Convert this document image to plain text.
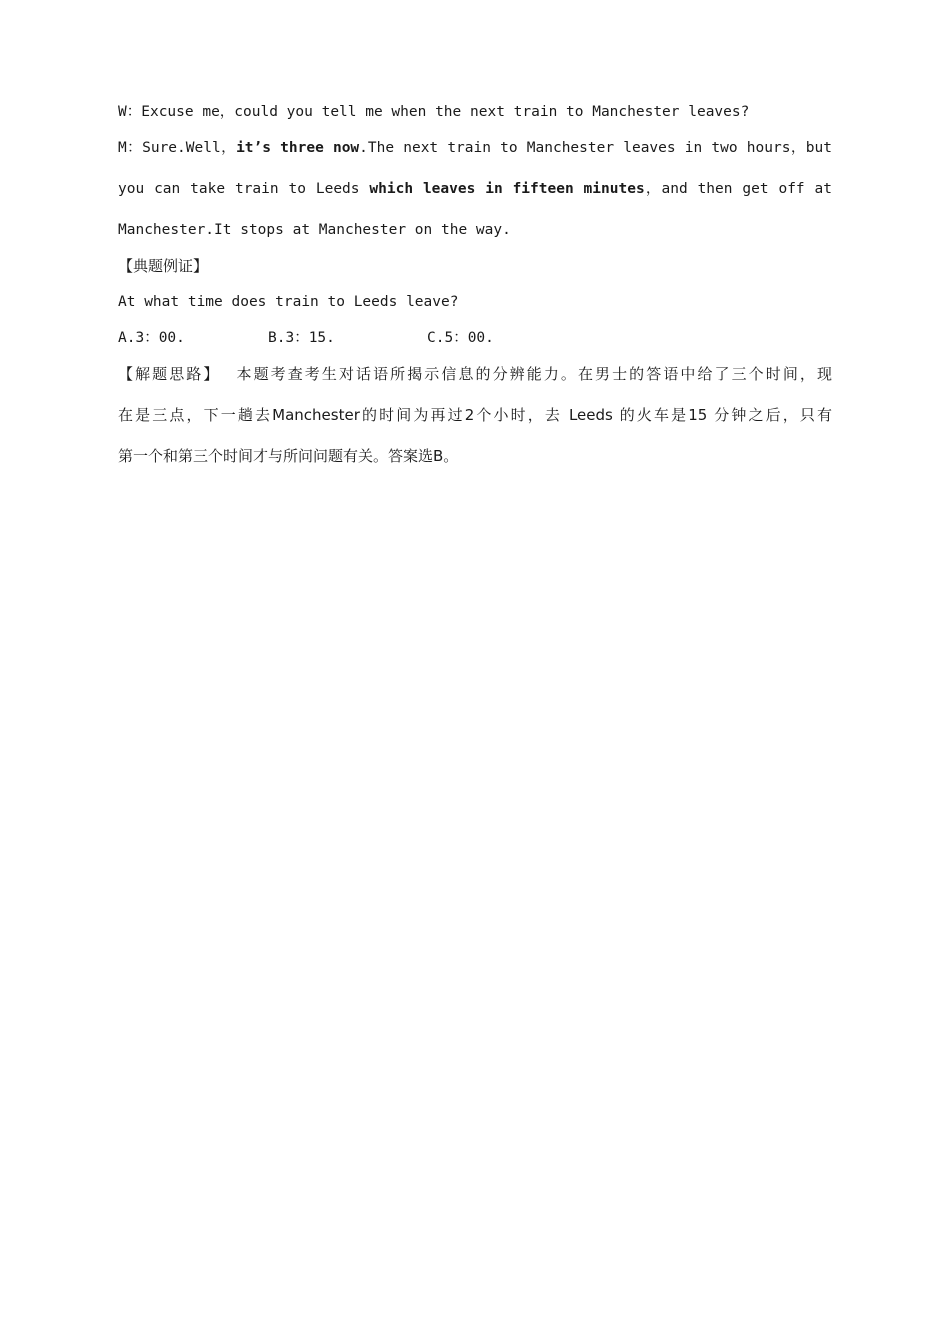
W：Excuse me，could you tell me when the next train to Manchester leaves?
M：Sure.Well，it’s three now.The next train to Manchester leaves in two hours，but
you can take train to Leeds which leaves in fifteen minutes，and then get off at
Manchester.It stops at Manchester on the way.
【典题例证】
At what time does train to Leeds leave?
A.3：00.	B.3：15.	C.5：00.
【解题思路】 本题考查考生对话语所揭示信息的分辨能力。在男士的答语中给了三个时间，现
在是三点，下一趟去Manchester的时间为再过2个小时，去 Leeds 的火车是15 分钟之后，只有
第一个和第三个时间才与所问问题有关。答案选B。
